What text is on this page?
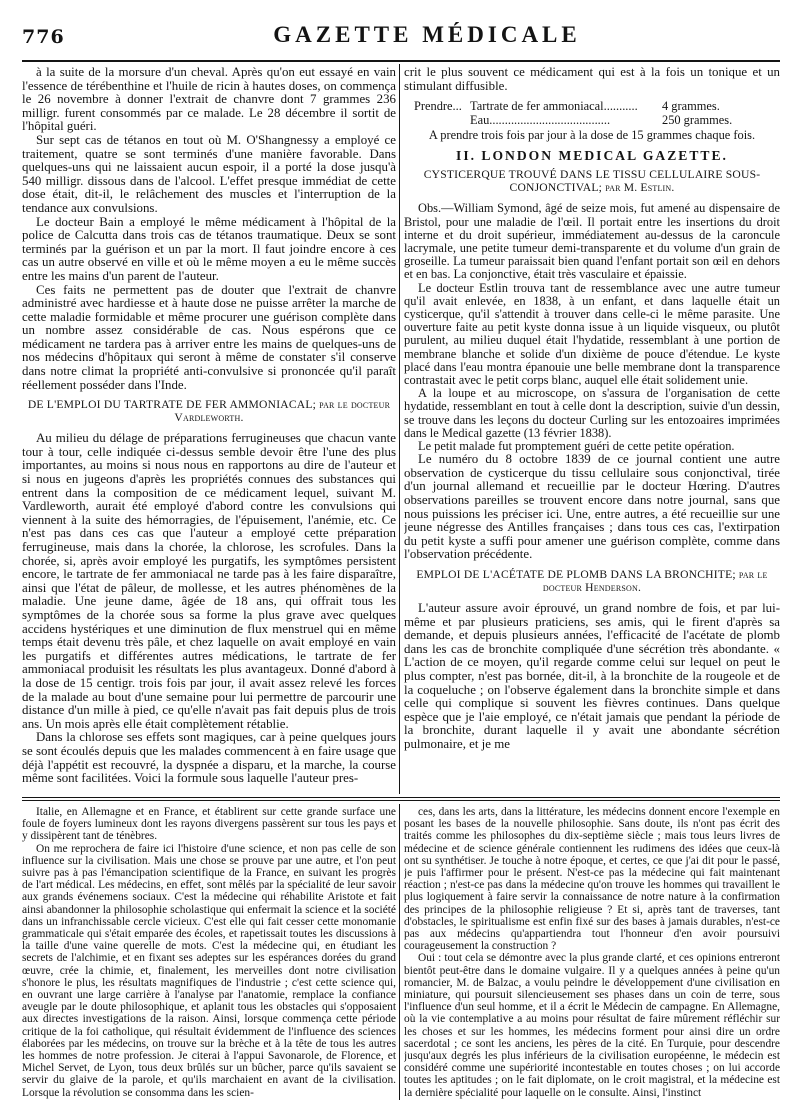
776	GAZETTE MÉDICALE

à la suite de la morsure d'un cheval. Après qu'on eut essayé en vain l'essence de térébenthine et l'huile de ricin à hautes doses, on commença le 26 novembre à donner l'extrait de chanvre dont 7 grammes 236 milligr. furent consommés par ce malade. Le 28 décembre il sortit de l'hôpital guéri.

Sur sept cas de tétanos en tout où M. O'Shangnessy a employé ce traitement, quatre se sont terminés d'une manière favorable. Dans quelques-uns qui ne laissaient aucun espoir, il a porté la dose jusqu'à 540 milligr. dissous dans de l'alcool. L'effet presque immédiat de cette dose était, dit-il, le relâchement des muscles et l'interruption de la tendance aux convulsions.

Le docteur Bain a employé le même médicament à l'hôpital de la police de Calcutta dans trois cas de tétanos traumatique. Deux se sont terminés par la guérison et un par la mort. Il faut joindre encore à ces cas un autre observé en ville et où le même moyen a eu le même succès entre les mains d'un parent de l'auteur.

Ces faits ne permettent pas de douter que l'extrait de chanvre administré avec hardiesse et à haute dose ne puisse arrêter la marche de cette maladie formidable et même procurer une guérison complète dans un nombre assez considérable de cas. Nous espérons que ce médicament ne tardera pas à arriver entre les mains de quelques-uns de nos médecins d'hôpitaux qui seront à même de constater s'il conserve dans notre climat la propriété anti-convulsive si prononcée qu'il paraît réellement posséder dans l'Inde.

DE L'EMPLOI DU TARTRATE DE FER AMMONIACAL; par le docteur Vardleworth.

Au milieu du délage de préparations ferrugineuses que chacun vante tour à tour, celle indiquée ci-dessus semble devoir être l'une des plus importantes, au moins si nous nous en rapportons au dire de l'auteur et si nous en jugeons d'après les propriétés connues des substances qui entrent dans la composition de ce médicament lequel, suivant M. Vardleworth, aurait été employé d'abord contre les convulsions qui viennent à la suite des hémorragies, de l'épuisement, l'anémie, etc. Ce n'est pas dans ces cas que l'auteur a employé cette préparation ferrugineuse, mais dans la chorée, la chlorose, les scrofules. Dans la chorée, si, après avoir employé les purgatifs, les symptômes persistent encore, le tartrate de fer ammoniacal ne tarde pas à les faire disparaître, ainsi que l'état de pâleur, de mollesse, et les autres phénomènes de la maladie. Une jeune dame, âgée de 18 ans, qui offrait tous les symptômes de la chorée sous sa forme la plus grave avec quelques accidens hystériques et une diminution de flux menstruel qui en même temps était devenu très pâle, et chez laquelle on avait employé en vain les purgatifs et différentes autres médications, le tartrate de fer ammoniacal produisit les résultats les plus avantageux. Donné d'abord à la dose de 15 centigr. trois fois par jour, il avait assez relevé les forces de la malade au bout d'une semaine pour lui permettre de parcourir une distance d'un mille à pied, ce qu'elle n'avait pas fait depuis plus de trois ans. Un mois après elle était complètement rétablie.

Dans la chlorose ses effets sont magiques, car à peine quelques jours se sont écoulés depuis que les malades commencent à en faire usage que déjà l'appétit est recouvré, la dyspnée a disparu, et la marche, la course même sont facilitées. Voici la formule sous laquelle l'auteur pres-

crit le plus souvent ce médicament qui est à la fois un tonique et un stimulant diffusible.

Prendre... Tartrate de fer ammoniacal...........	4 grammes.
Eau.......................................	250 grammes.

A prendre trois fois par jour à la dose de 15 grammes chaque fois.

II. LONDON MEDICAL GAZETTE.
CYSTICERQUE TROUVÉ DANS LE TISSU CELLULAIRE SOUS-CONJONCTIVAL; par M. Estlin.

Obs.—William Symond, âgé de seize mois, fut amené au dispensaire de Bristol, pour une maladie de l'œil. Il portait entre les insertions du droit interne et du droit supérieur, immédiatement au-dessus de la caroncule lacrymale, une petite tumeur demi-transparente et du volume d'un grain de groseille. La tumeur paraissait bien quand l'enfant portait son œil en dehors et en bas. La conjonctive, était très vasculaire et épaissie.

Le docteur Estlin trouva tant de ressemblance avec une autre tumeur qu'il avait enlevée, en 1838, à un enfant, et dans laquelle était un cysticerque, qu'il s'attendit à trouver dans celle-ci le même parasite. Une ouverture faite au petit kyste donna issue à un liquide visqueux, ou plutôt purulent, au milieu duquel était l'hydatide, ressemblant à une portion de membrane blanche et solide d'un dixième de pouce d'étendue. Le kyste placé dans l'eau montra épanouie une belle membrane dont la transparence contrastait avec le petit corps blanc, auquel elle était solidement unie.

A la loupe et au microscope, on s'assura de l'organisation de cette hydatide, ressemblant en tout à celle dont la description, suivie d'un dessin, se trouve dans les leçons du docteur Curling sur les entozoaires imprimées dans le Medical gazette (13 février 1838).

Le petit malade fut promptement guéri de cette petite opération.

Le numéro du 8 octobre 1839 de ce journal contient une autre observation de cysticerque du tissu cellulaire sous conjonctival, tirée d'un journal allemand et recueillie par le docteur Hœring. D'autres observations pareilles se trouvent encore dans notre journal, sans que nous puissions les préciser ici. Une, entre autres, a été recueillie sur une jeune négresse des Antilles françaises ; dans tous ces cas, l'extirpation du petit kyste a suffi pour amener une guérison complète, comme dans l'observation précédente.

EMPLOI DE L'ACÉTATE DE PLOMB DANS LA BRONCHITE; par le docteur Henderson.

L'auteur assure avoir éprouvé, un grand nombre de fois, et par lui-même et par plusieurs praticiens, ses amis, qui le firent d'après sa demande, et depuis plusieurs années, l'efficacité de l'acétate de plomb dans les cas de bronchite compliquée d'une sécrétion très abondante. « L'action de ce moyen, qu'il regarde comme celui sur lequel on peut le plus compter, n'est pas bornée, dit-il, à la bronchite de la rougeole et de la coqueluche ; on l'observe également dans la bronchite simple et dans celle qui complique si souvent les fièvres continues. Dans quelque espèce que je l'aie employé, ce n'était jamais que pendant la période de la bronchite, durant laquelle il y avait une abondante sécrétion pulmonaire, et je me

Italie, en Allemagne et en France, et établirent sur cette grande surface une foule de foyers lumineux dont les rayons divergens passèrent sur tous les pays et y dissipèrent tant de ténèbres.

On me reprochera de faire ici l'histoire d'une science, et non pas celle de son influence sur la civilisation. Mais une chose se prouve par une autre, et l'on peut suivre pas à pas l'émancipation scientifique de la France, en suivant les progrès de l'art médical. Les médecins, en effet, sont mêlés par la spécialité de leur savoir aux grands événemens sociaux. C'est la médecine qui réhabilite Aristote et fait ainsi abandonner la philosophie scholastique qui enfermait la science et la société dans un infranchissable cercle vicieux. C'est elle qui fait cesser cette monomanie grammaticale qui s'était emparée des écoles, et rapetissait toutes les discussions à la taille d'une vaine querelle de mots. C'est la médecine qui, en étudiant les secrets de l'alchimie, et en fixant ses adeptes sur les espérances dorées du grand œuvre, crée la chimie, et, finalement, les merveilles dont notre civilisation s'honore le plus, les résultats magnifiques de l'industrie ; c'est cette science qui, en ouvrant une large carrière à l'analyse par l'anatomie, remplace la confiance aveugle par le doute philosophique, et aplanit tous les obstacles qui s'opposaient aux directes investigations de la raison. Ainsi, lorsque commença cette période critique de la foi catholique, qui résultait évidemment de l'influence des sciences élaborées par les médecins, on trouve sur la brèche et à la tête de tous les autres les hommes de notre profession. Je citerai à l'appui Savonarole, de Florence, et Michel Servet, de Lyon, tous deux brûlés sur un bûcher, parce qu'ils savaient se servir du glaive de la parole, et qu'ils marchaient en avant de la civilisation. Lorsque la révolution se consomma dans les scien-

ces, dans les arts, dans la littérature, les médecins donnent encore l'exemple en posant les bases de la nouvelle philosophie. Sans doute, ils n'ont pas écrit des traités comme les philosophes du dix-septième siècle ; mais tous leurs livres de médecine et de science générale contiennent les rudimens des idées que ceux-là ont su synthétiser. Je touche à notre époque, et certes, ce que j'ai dit pour le passé, je puis l'affirmer pour le présent. N'est-ce pas la médecine qui fait maintenant réaction ; n'est-ce pas dans la médecine qu'on trouve les hommes qui travaillent le plus logiquement à faire servir la connaissance de notre nature à la confirmation des principes de la philosophie religieuse ? Et si, après tant de traverses, tant d'obstacles, le spiritualisme est enfin fixé sur des bases à jamais durables, n'est-ce pas aux médecins qu'appartiendra tout l'honneur d'en avoir poursuivi courageusement la construction ?

Oui : tout cela se démontre avec la plus grande clarté, et ces opinions entreront bientôt peut-être dans le domaine vulgaire. Il y a quelques années à peine qu'un romancier, M. de Balzac, a voulu peindre le développement d'une civilisation en miniature, qui poursuit silencieusement ses phases dans un coin de terre, sous l'influence d'un seul homme, et il a écrit le Médecin de campagne. En Allemagne, où la vie contemplative a au moins pour résultat de faire mûrement réfléchir sur les choses et sur les hommes, les médecins forment pour ainsi dire un ordre sacerdotal ; ce sont les anciens, les pères de la cité. En Turquie, pour descendre jusqu'aux degrés les plus inférieurs de la civilisation européenne, le médecin est considéré comme une supériorité incontestable en toutes choses ; on lui accorde toutes les aptitudes ; on le fait diplomate, on le croit magistral, et la médecine est la dernière spécialité pour laquelle on le consulte. Ainsi, l'instinct
